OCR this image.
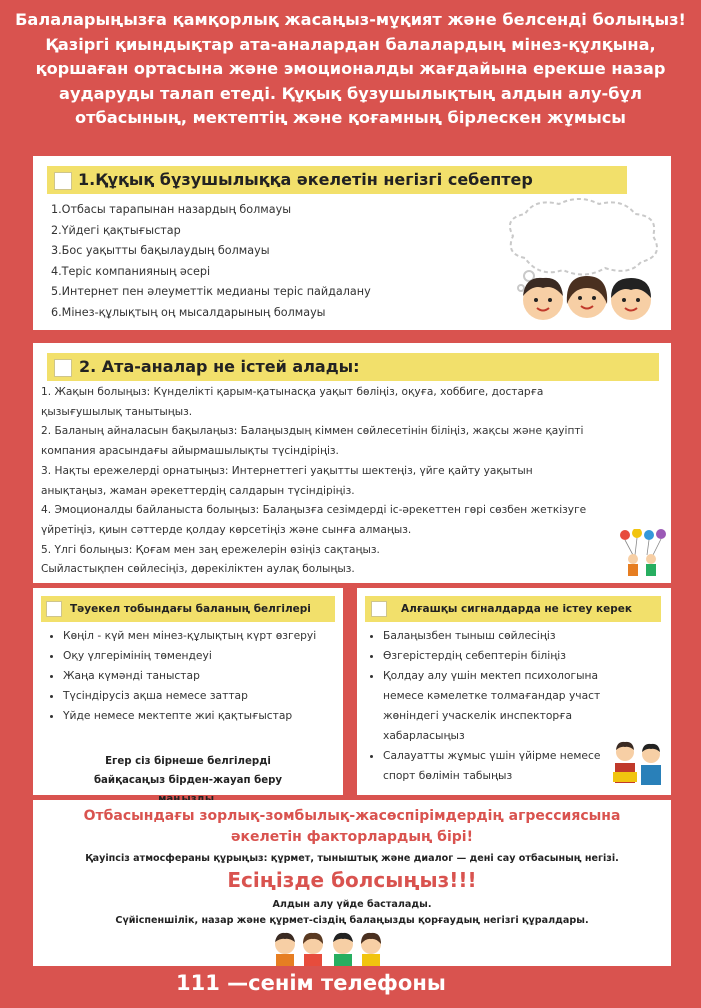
Балаларыңызға қамқорлық жасаңыз-мұқият және белсенді болыңыз!Қазіргі қиындықтар ата-аналардан балалардың мінез-құлқына, қоршаған ортасына және эмоционалды жағдайына ерекше назар аударуды талап етеді. Құқық бұзушылықтың алдын алу-бұл отбасының, мектептің және қоғамның бірлескен жұмысы
1.Құқық бұзушылыққа әкелетін негізгі себептер
1.Отбасы тарапынан назардың болмауы
2.Үйдегі қақтығыстар
3.Бос уақытты бақылаудың болмауы
4.Теріс компанияның әсері
5.Интернет пен әлеуметтік медианы теріс пайдалану
6.Мінез-құлықтың оң мысалдарының болмауы
2. Ата-аналар не істей алады:

1. Жақын болыңыз: Күнделікті қарым-қатынасқа уақыт бөліңіз, оқуға, хоббиге, достарға

қызығушылық танытыңыз.

2. Баланың айналасын бақылаңыз: Балаңыздың кіммен сөйлесетінін біліңіз, жақсы және қауіпті

компания арасындағы айырмашылықты түсіндіріңіз.

3. Нақты ережелерді орнатыңыз: Интернеттегі уақытты шектеңіз, үйге қайту уақытын

анықтаңыз, жаман әрекеттердің салдарын түсіндіріңіз.

4. Эмоционалды байланыста болыңыз: Балаңызға сезімдерді іс-әрекеттен гөрі сөзбен жеткізуге

үйретіңіз, қиын сәттерде қолдау көрсетіңіз және сынға алмаңыз.

5. Үлгі болыңыз: Қоғам мен заң ережелерін өзіңіз сақтаңыз.

Сыйластықпен сөйлесіңіз, дөрекіліктен аулақ болыңыз.

Тәуекел тобындағы баланың белгілері
• Көңіл - күй мен мінез-құлықтың күрт өзгеруі
• Оқу үлгерімінің төмендеуі
• Жаңа күмәнді таныстар
• Түсіндірусіз ақша немесе заттар
• Үйде немесе мектепте жиі қақтығыстар
Егер сіз бірнеше белгілерді байқасаңыз бірден-жауап беру
Алғашқы сигналдарда не істеу керек
• Балаңызбен тыныш сөйлесіңіз
• Өзгерістердің себептерін біліңіз
• Қолдау алу үшін мектеп психологына немесе кәмелетке толмағандар участ жөніндегі учаскелік инспекторға хабарласыңыз
• Салауатты жұмыс үшін үйірме немесе спорт бөлімін табыңыз
Отбасындағы зорлық-зомбылық-жасөспірімдердің агрессиясына әкелетін факторлардың бірі!
Қауіпсіз атмосфераны құрыңыз: құрмет, тыныштық және диалог — дені сау отбасының негізі.
Есіңізде болсыңыз!!!
Алдын алу үйде басталады.
Сүйіспеншілік, назар және құрмет-сіздің балаңызды қорғаудың негізгі құралдары.
111 —сенім телефоны
